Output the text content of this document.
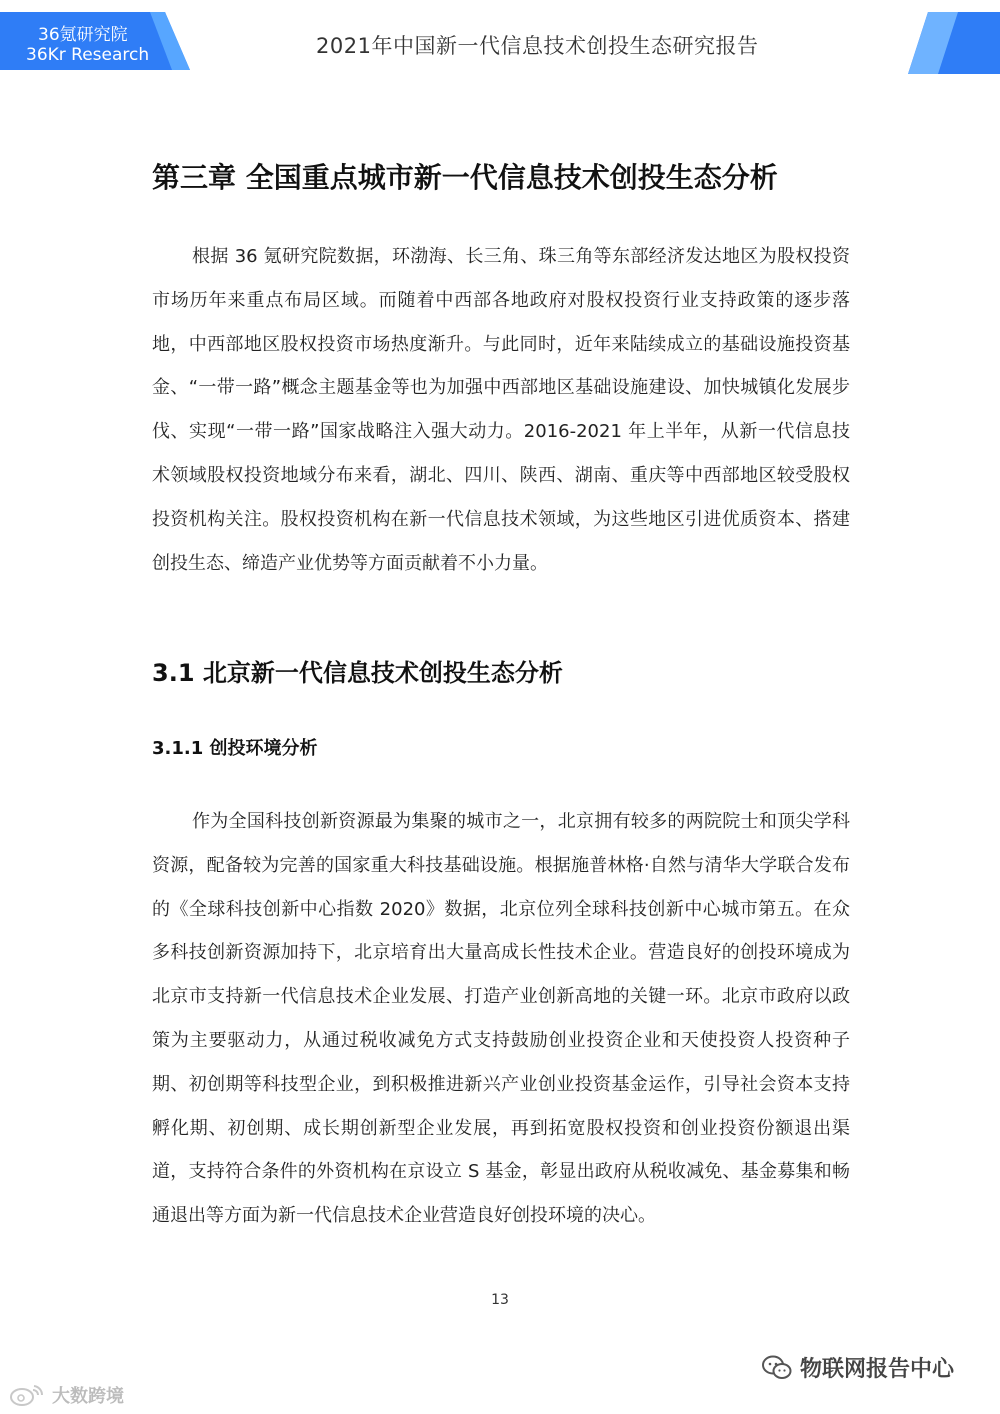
36氪研究院
36Kr Research	2021年中国新一代信息技术创投生态研究报告
第三章 全国重点城市新一代信息技术创投生态分析

根据 36 氪研究院数据，环渤海、长三角、珠三角等东部经济发达地区为股权投资市场历年来重点布局区域。而随着中西部各地政府对股权投资行业支持政策的逐步落地，中西部地区股权投资市场热度渐升。与此同时，近年来陆续成立的基础设施投资基金、“一带一路”概念主题基金等也为加强中西部地区基础设施建设、加快城镇化发展步伐、实现“一带一路”国家战略注入强大动力。2016-2021 年上半年，从新一代信息技术领域股权投资地域分布来看，湖北、四川、陕西、湖南、重庆等中西部地区较受股权投资机构关注。股权投资机构在新一代信息技术领域，为这些地区引进优质资本、搭建创投生态、缔造产业优势等方面贡献着不小力量。

3.1 北京新一代信息技术创投生态分析
3.1.1 创投环境分析

作为全国科技创新资源最为集聚的城市之一，北京拥有较多的两院院士和顶尖学科资源，配备较为完善的国家重大科技基础设施。根据施普林格·自然与清华大学联合发布的《全球科技创新中心指数 2020》数据，北京位列全球科技创新中心城市第五。在众多科技创新资源加持下，北京培育出大量高成长性技术企业。营造良好的创投环境成为北京市支持新一代信息技术企业发展、打造产业创新高地的关键一环。北京市政府以政策为主要驱动力，从通过税收减免方式支持鼓励创业投资企业和天使投资人投资种子期、初创期等科技型企业，到积极推进新兴产业创业投资基金运作，引导社会资本支持孵化期、初创期、成长期创新型企业发展，再到拓宽股权投资和创业投资份额退出渠道，支持符合条件的外资机构在京设立 S 基金，彰显出政府从税收减免、基金募集和畅通退出等方面为新一代信息技术企业营造良好创投环境的决心。

13
物联网报告中心
大数跨境
